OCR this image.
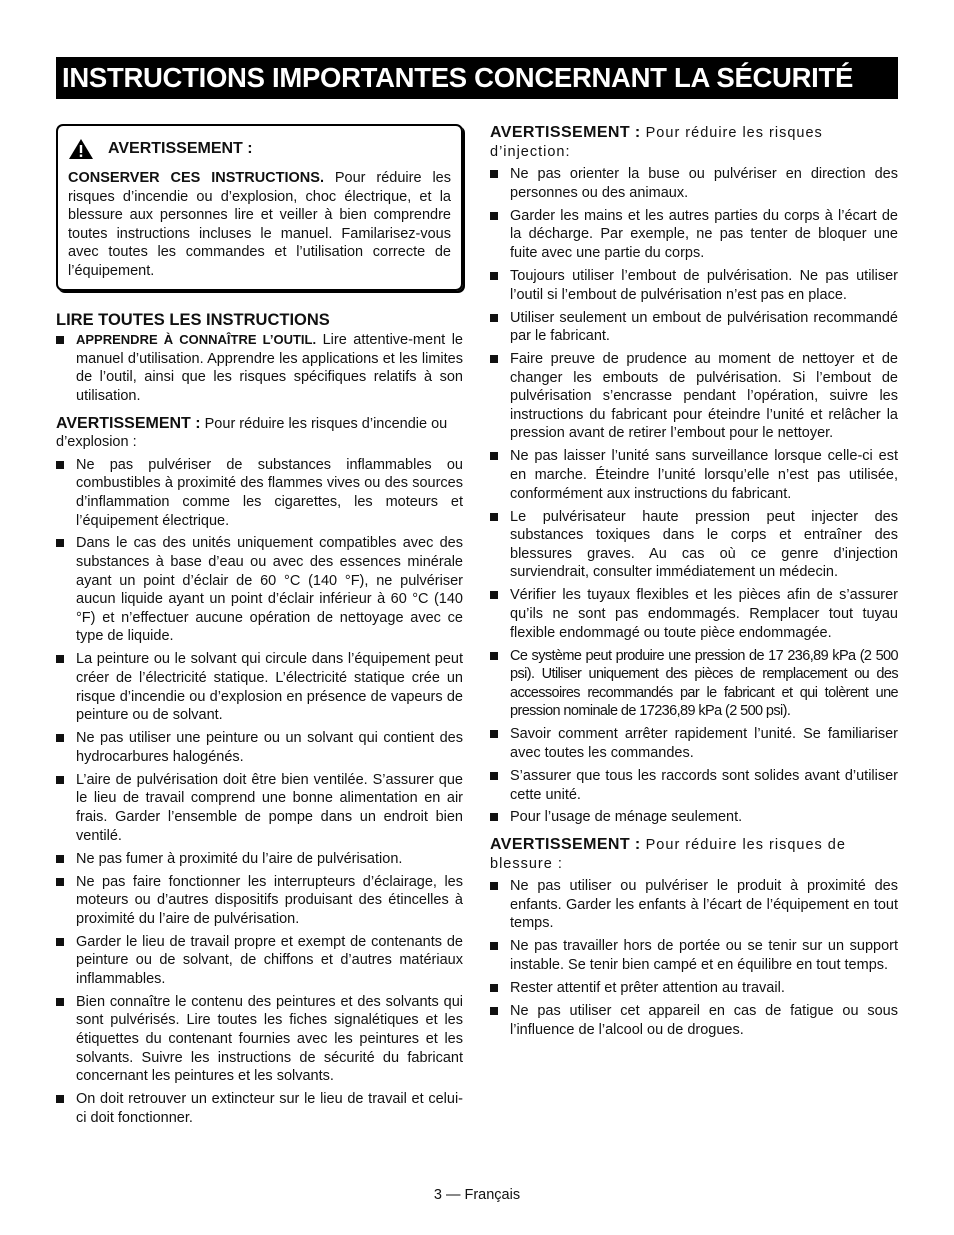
INSTRUCTIONS IMPORTANTES CONCERNANT LA SÉCURITÉ
AVERTISSEMENT :
CONSERVER CES INSTRUCTIONS. Pour réduire les risques d’incendie ou d’explosion, choc électrique, et la blessure aux personnes lire et veiller à bien comprendre toutes instructions incluses le manuel. Familarisez-vous avec toutes les commandes et l’utilisation correcte de l’équipement.
LIRE TOUTES LES INSTRUCTIONS
APPRENDRE À CONNAÎTRE L’OUTIL. Lire attentive-ment le manuel d’utilisation. Apprendre les applications et les limites de l’outil, ainsi que les risques spécifiques relatifs à son utilisation.
AVERTISSEMENT : Pour réduire les risques d’incendie ou d’explosion :
Ne pas pulvériser de substances inflammables ou combustibles à proximité des flammes vives ou des sources d’inflammation comme les cigarettes, les moteurs et l’équipement électrique.
Dans le cas des unités uniquement compatibles avec des substances à base d’eau ou avec des essences minérale ayant un point d’éclair de 60 °C (140 °F), ne pulvériser aucun liquide ayant un point d’éclair inférieur à 60 °C (140 °F) et n’effectuer aucune opération de nettoyage avec ce type de liquide.
La peinture ou le solvant qui circule dans l’équipement peut créer de l’électricité statique. L’électricité statique crée un risque d’incendie ou d’explosion en présence de vapeurs de peinture ou de solvant.
Ne pas utiliser une peinture ou un solvant qui contient des hydrocarbures halogénés.
L’aire de pulvérisation doit être bien ventilée. S’assurer que le lieu de travail comprend une bonne alimentation en air frais. Garder l’ensemble de pompe dans un endroit bien ventilé.
Ne pas fumer à proximité du l’aire de pulvérisation.
Ne pas faire fonctionner les interrupteurs d’éclairage, les moteurs ou d’autres dispositifs produisant des étincelles à proximité du l’aire de pulvérisation.
Garder le lieu de travail propre et exempt de contenants de peinture ou de solvant, de chiffons et d’autres matériaux inflammables.
Bien connaître le contenu des peintures et des solvants qui sont pulvérisés. Lire toutes les fiches signalétiques et les étiquettes du contenant fournies avec les peintures et les solvants. Suivre les instructions de sécurité du fabricant concernant les peintures et les solvants.
On doit retrouver un extincteur sur le lieu de travail et celui-ci doit fonctionner.
AVERTISSEMENT : Pour réduire les risques d’injection:
Ne pas orienter la buse ou pulvériser en direction des personnes ou des animaux.
Garder les mains et les autres parties du corps à l’écart de la décharge. Par exemple, ne pas tenter de bloquer une fuite avec une partie du corps.
Toujours utiliser l’embout de pulvérisation. Ne pas utiliser l’outil si l’embout de pulvérisation n’est pas en place.
Utiliser seulement un embout de pulvérisation recommandé par le fabricant.
Faire preuve de prudence au moment de nettoyer et de changer les embouts de pulvérisation. Si l’embout de pulvérisation s’encrasse pendant l’opération, suivre les instructions du fabricant pour éteindre l’unité et relâcher la pression avant de retirer l’embout pour le nettoyer.
Ne pas laisser l’unité sans surveillance lorsque celle-ci est en marche. Éteindre l’unité lorsqu’elle n’est pas utilisée, conformément aux instructions du fabricant.
Le pulvérisateur haute pression peut injecter des substances toxiques dans le corps et entraîner des blessures graves. Au cas où ce genre d’injection surviendrait, consulter immédiatement un médecin.
Vérifier les tuyaux flexibles et les pièces afin de s’assurer qu’ils ne sont pas endommagés. Remplacer tout tuyau flexible endommagé ou toute pièce endommagée.
Ce système peut produire une pression de 17 236,89 kPa (2 500 psi). Utiliser uniquement des pièces de remplacement ou des accessoires recommandés par le fabricant et qui tolèrent une pression nominale de 17236,89 kPa (2 500 psi).
Savoir comment arrêter rapidement l’unité. Se familiariser avec toutes les commandes.
S’assurer que tous les raccords sont solides avant d’utiliser cette unité.
Pour l’usage de ménage seulement.
AVERTISSEMENT : Pour réduire les risques de blessure :
Ne pas utiliser ou pulvériser le produit à proximité des enfants. Garder les enfants à l’écart de l’équipement en tout temps.
Ne pas travailler hors de portée ou se tenir sur un support instable. Se tenir bien campé et en équilibre en tout temps.
Rester attentif et prêter attention au travail.
Ne pas utiliser cet appareil en cas de fatigue ou sous l’influence de l’alcool ou de drogues.
3 — Français
